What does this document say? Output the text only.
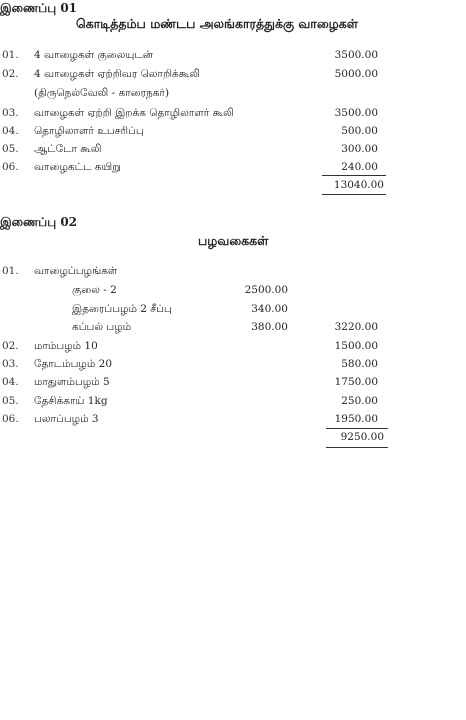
இணைப்பு 01
கொடித்தம்ப மண்டப அலங்காரத்துக்கு வாழைகள்
01. 4 வாழைகள் குலையுடன்	3500.00
02. 4 வாழைகள் ஏற்றிவர லொறிக்கூலி	5000.00
(திருநெல்வேலி - காரைநகர்)
03. வாழைகள் ஏற்றி இறக்க தொழிலாளர் கூலி	3500.00
04. தொழிலாளர் உபசரிப்பு	500.00
05. ஆட்டோ கூலி	300.00
06. வாழைகட்ட கயிறு	240.00
13040.00
இணைப்பு 02
பழவகைகள்
01. வாழைப்பழங்கள்
குலை - 2	2500.00
இதரைப்பழம் 2 சீப்பு	340.00
கப்பல் பழம்	380.00	3220.00
02. மாம்பழம் 10	1500.00
03. தோடம்பழம் 20	580.00
04. மாதுளம்பழம் 5	1750.00
05. தேசிக்காய் 1kg	250.00
06. பலாப்பழம் 3	1950.00
9250.00
